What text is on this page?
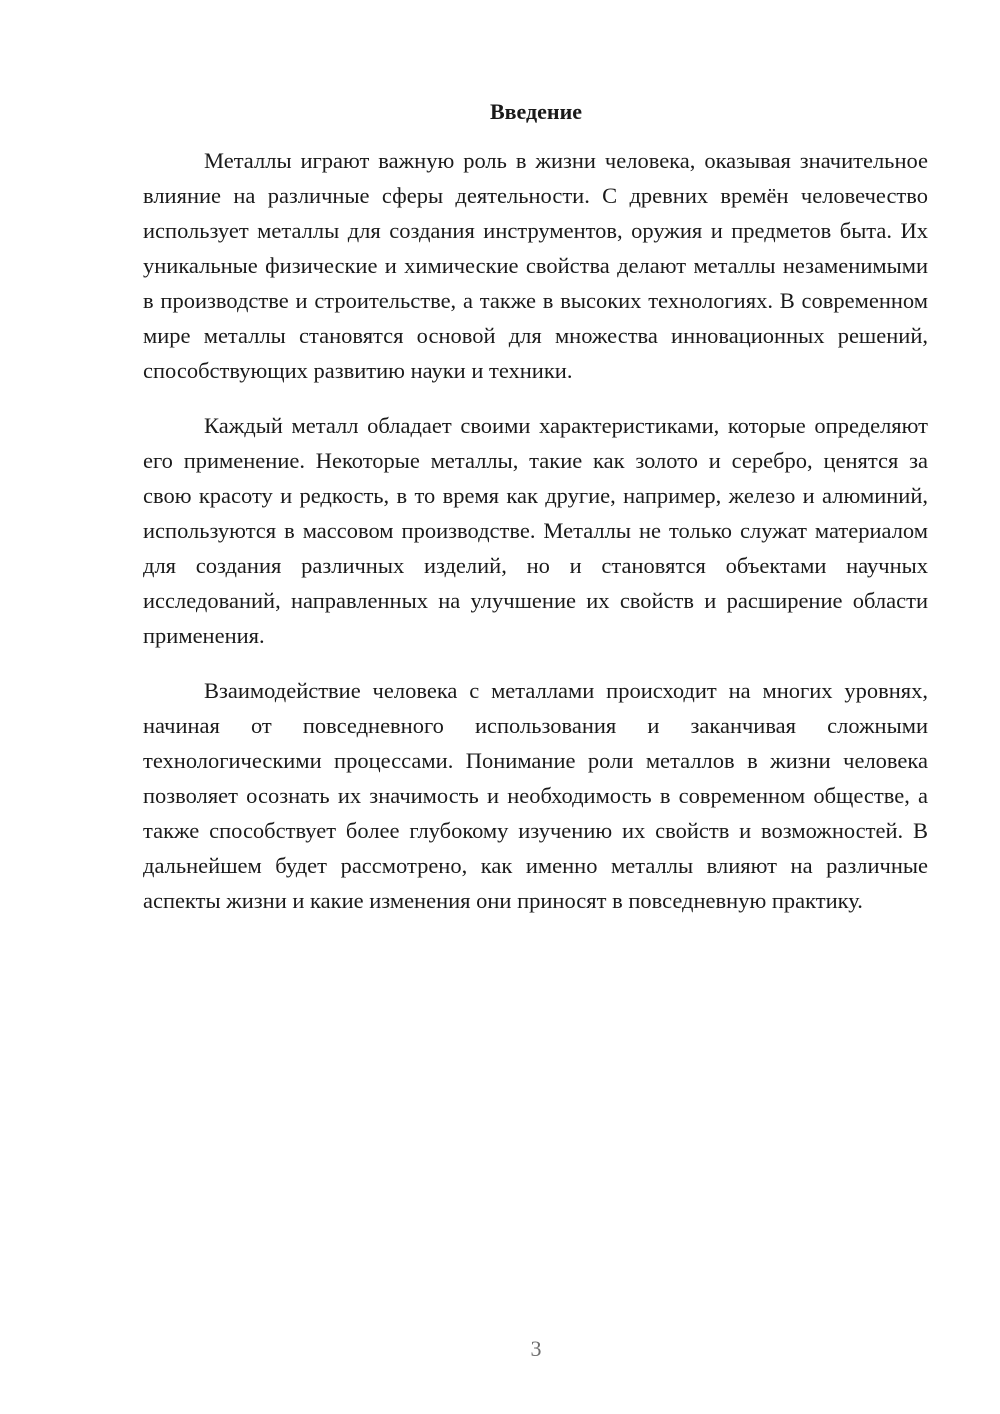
Введение

Металлы играют важную роль в жизни человека, оказывая значительное влияние на различные сферы деятельности. С древних времён человечество использует металлы для создания инструментов, оружия и предметов быта. Их уникальные физические и химические свойства делают металлы незаменимыми в производстве и строительстве, а также в высоких технологиях. В современном мире металлы становятся основой для множества инновационных решений, способствующих развитию науки и техники.

Каждый металл обладает своими характеристиками, которые определяют его применение. Некоторые металлы, такие как золото и серебро, ценятся за свою красоту и редкость, в то время как другие, например, железо и алюминий, используются в массовом производстве. Металлы не только служат материалом для создания различных изделий, но и становятся объектами научных исследований, направленных на улучшение их свойств и расширение области применения.

Взаимодействие человека с металлами происходит на многих уровнях, начиная от повседневного использования и заканчивая сложными технологическими процессами. Понимание роли металлов в жизни человека позволяет осознать их значимость и необходимость в современном обществе, а также способствует более глубокому изучению их свойств и возможностей. В дальнейшем будет рассмотрено, как именно металлы влияют на различные аспекты жизни и какие изменения они приносят в повседневную практику.

3
